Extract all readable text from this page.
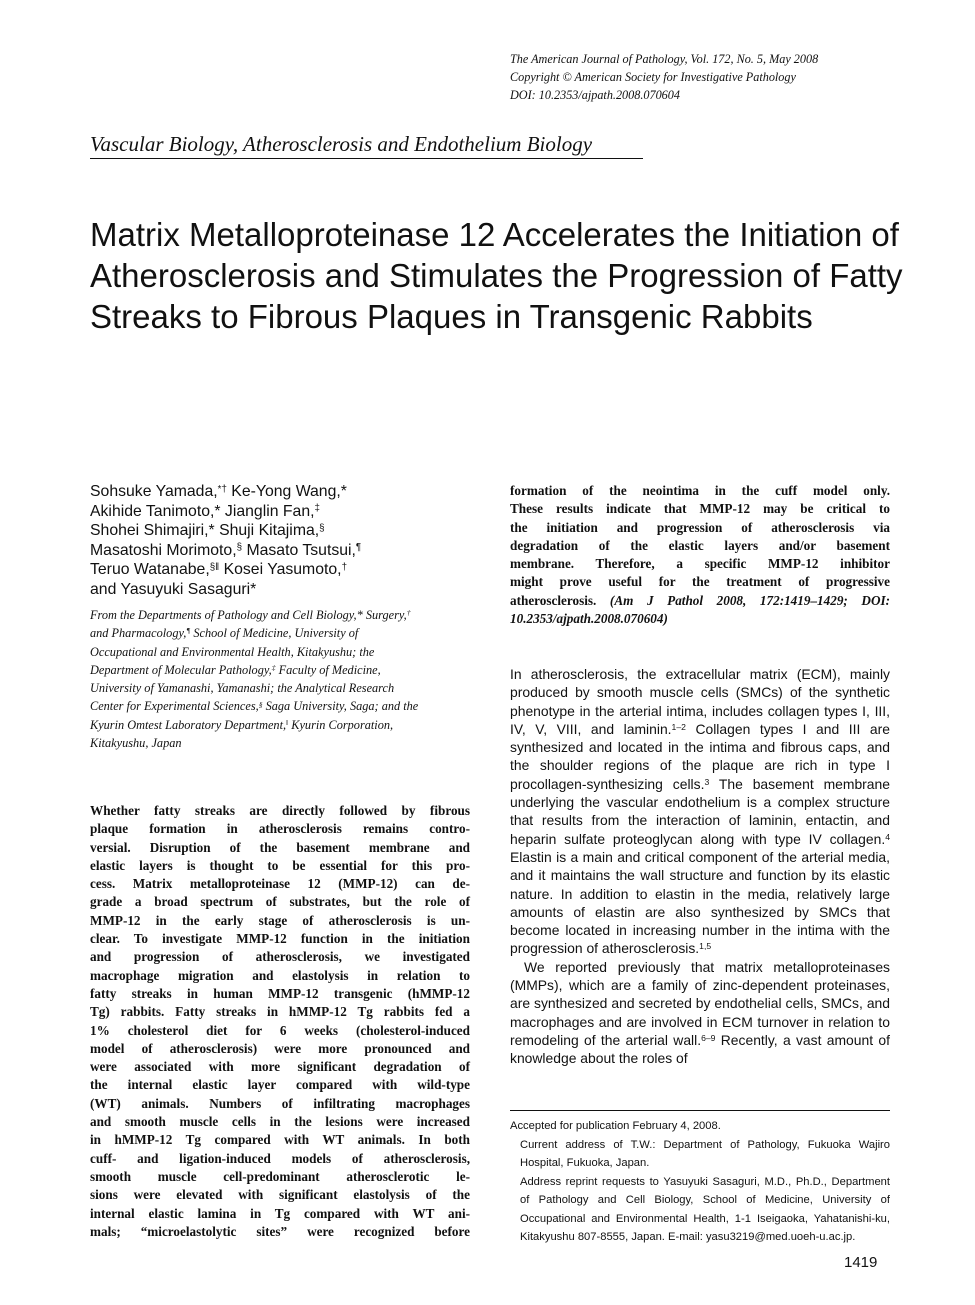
The American Journal of Pathology, Vol. 172, No. 5, May 2008
Copyright © American Society for Investigative Pathology
DOI: 10.2353/ajpath.2008.070604
Vascular Biology, Atherosclerosis and Endothelium Biology
Matrix Metalloproteinase 12 Accelerates the Initiation of Atherosclerosis and Stimulates the Progression of Fatty Streaks to Fibrous Plaques in Transgenic Rabbits
Sohsuke Yamada,*† Ke-Yong Wang,*
Akihide Tanimoto,* Jianglin Fan,‡
Shohei Shimajiri,* Shuji Kitajima,§
Masatoshi Morimoto,§ Masato Tsutsui,¶
Teruo Watanabe,§‖ Kosei Yasumoto,†
and Yasuyuki Sasaguri*
From the Departments of Pathology and Cell Biology,* Surgery,†
and Pharmacology,¶ School of Medicine, University of
Occupational and Environmental Health, Kitakyushu; the
Department of Molecular Pathology,‡ Faculty of Medicine,
University of Yamanashi, Yamanashi; the Analytical Research
Center for Experimental Sciences,§ Saga University, Saga; and the
Kyurin Omtest Laboratory Department,‖ Kyurin Corporation,
Kitakyushu, Japan
Whether fatty streaks are directly followed by fibrous
plaque formation in atherosclerosis remains contro-
versial. Disruption of the basement membrane and
elastic layers is thought to be essential for this pro-
cess. Matrix metalloproteinase 12 (MMP-12) can de-
grade a broad spectrum of substrates, but the role of
MMP-12 in the early stage of atherosclerosis is un-
clear. To investigate MMP-12 function in the initiation
and progression of atherosclerosis, we investigated
macrophage migration and elastolysis in relation to
fatty streaks in human MMP-12 transgenic (hMMP-12
Tg) rabbits. Fatty streaks in hMMP-12 Tg rabbits fed a
1% cholesterol diet for 6 weeks (cholesterol-induced
model of atherosclerosis) were more pronounced and
were associated with more significant degradation of
the internal elastic layer compared with wild-type
(WT) animals. Numbers of infiltrating macrophages
and smooth muscle cells in the lesions were increased
in hMMP-12 Tg compared with WT animals. In both
cuff- and ligation-induced models of atherosclerosis,
smooth muscle cell-predominant atherosclerotic le-
sions were elevated with significant elastolysis of the
internal elastic lamina in Tg compared with WT ani-
mals; “microelastolytic sites” were recognized before
formation of the neointima in the cuff model only.
These results indicate that MMP-12 may be critical to
the initiation and progression of atherosclerosis via
degradation of the elastic layers and/or basement
membrane. Therefore, a specific MMP-12 inhibitor
might prove useful for the treatment of progressive
atherosclerosis. (Am J Pathol 2008, 172:1419–1429; DOI:
10.2353/ajpath.2008.070604)
In atherosclerosis, the extracellular matrix (ECM), mainly produced by smooth muscle cells (SMCs) of the synthetic phenotype in the arterial intima, includes collagen types I, III, IV, V, VIII, and laminin.$^{1-2}$ Collagen types I and III are synthesized and located in the intima and fibrous caps, and the shoulder regions of the plaque are rich in type I procollagen-synthesizing cells.$^3$ The basement membrane underlying the vascular endothelium is a complex structure that results from the interaction of laminin, entactin, and heparin sulfate proteoglycan along with type IV collagen.$^4$ Elastin is a main and critical component of the arterial media, and it maintains the wall structure and function by its elastic nature. In addition to elastin in the media, relatively large amounts of elastin are also synthesized by SMCs that become located in increasing number in the intima with the progression of atherosclerosis.$^{1,5}$
We reported previously that matrix metalloproteinases (MMPs), which are a family of zinc-dependent proteinases, are synthesized and secreted by endothelial cells, SMCs, and macrophages and are involved in ECM turnover in relation to remodeling of the arterial wall.$^{6-9}$ Recently, a vast amount of knowledge about the roles of
Accepted for publication February 4, 2008.
Current address of T.W.: Department of Pathology, Fukuoka Wajiro Hospital, Fukuoka, Japan.
Address reprint requests to Yasuyuki Sasaguri, M.D., Ph.D., Department of Pathology and Cell Biology, School of Medicine, University of Occupational and Environmental Health, 1-1 Iseigaoka, Yahatanishi-ku, Kitakyushu 807-8555, Japan. E-mail: yasu3219@med.uoeh-u.ac.jp.
1419
